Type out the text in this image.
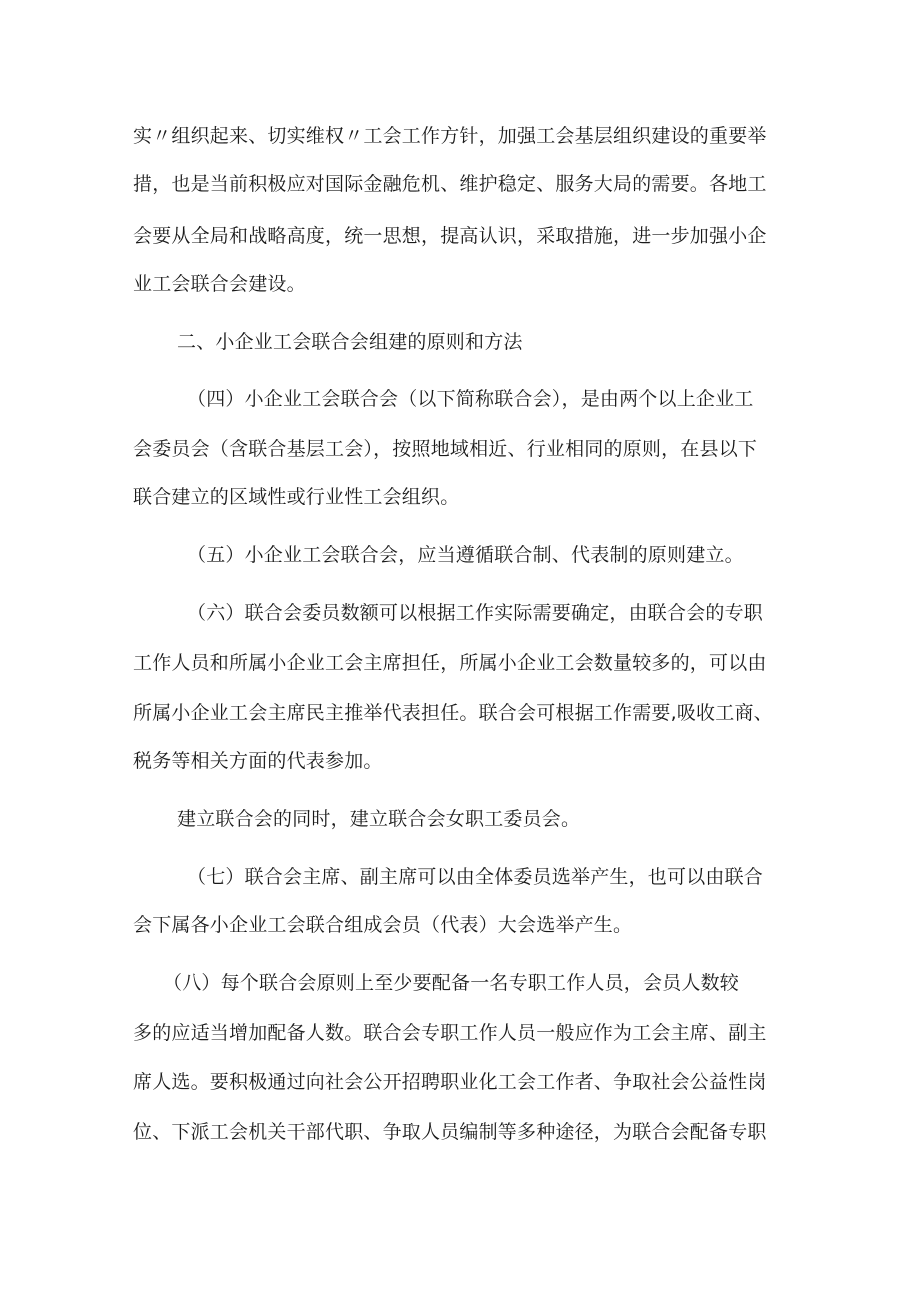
实〃组织起来、切实维权〃工会工作方针，加强工会基层组织建设的重要举
措，也是当前积极应对国际金融危机、维护稳定、服务大局的需要。各地工
会要从全局和战略高度，统一思想，提高认识，采取措施，进一步加强小企
业工会联合会建设。
二、小企业工会联合会组建的原则和方法
（四）小企业工会联合会（以下简称联合会），是由两个以上企业工
会委员会（含联合基层工会），按照地域相近、行业相同的原则，在县以下
联合建立的区域性或行业性工会组织。
（五）小企业工会联合会，应当遵循联合制、代表制的原则建立。
（六）联合会委员数额可以根据工作实际需要确定，由联合会的专职
工作人员和所属小企业工会主席担任，所属小企业工会数量较多的，可以由
所属小企业工会主席民主推举代表担任。联合会可根据工作需要,吸收工商、
税务等相关方面的代表参加。
建立联合会的同时，建立联合会女职工委员会。
（七）联合会主席、副主席可以由全体委员选举产生，也可以由联合
会下属各小企业工会联合组成会员（代表）大会选举产生。
（八）每个联合会原则上至少要配备一名专职工作人员，会员人数较
多的应适当增加配备人数。联合会专职工作人员一般应作为工会主席、副主
席人选。要积极通过向社会公开招聘职业化工会工作者、争取社会公益性岗
位、下派工会机关干部代职、争取人员编制等多种途径，为联合会配备专职
